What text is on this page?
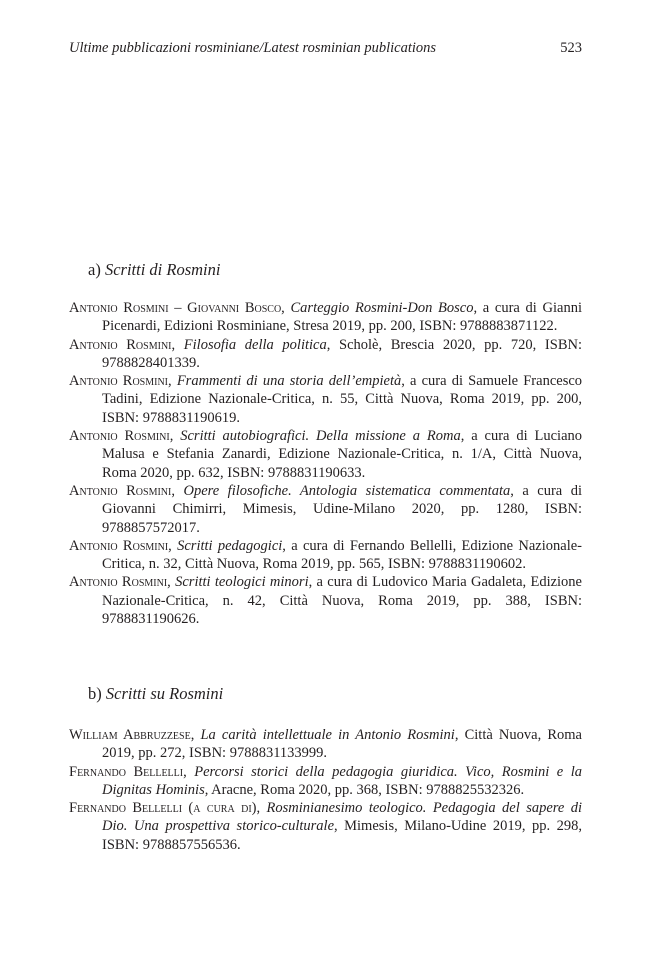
Ultime pubblicazioni rosminiane/Latest rosminian publications	523
a) Scritti di Rosmini
Antonio Rosmini – Giovanni Bosco, Carteggio Rosmini-Don Bosco, a cura di Gianni Picenardi, Edizioni Rosminiane, Stresa 2019, pp. 200, ISBN: 9788883871122.
Antonio Rosmini, Filosofia della politica, Scholè, Brescia 2020, pp. 720, ISBN: 9788828401339.
Antonio Rosmini, Frammenti di una storia dell’empietà, a cura di Samuele Francesco Tadini, Edizione Nazionale-Critica, n. 55, Città Nuova, Roma 2019, pp. 200, ISBN: 9788831190619.
Antonio Rosmini, Scritti autobiografici. Della missione a Roma, a cura di Luciano Malusa e Stefania Zanardi, Edizione Nazionale-Critica, n. 1/A, Città Nuova, Roma 2020, pp. 632, ISBN: 9788831190633.
Antonio Rosmini, Opere filosofiche. Antologia sistematica commentata, a cura di Giovanni Chimirri, Mimesis, Udine-Milano 2020, pp. 1280, ISBN: 9788857572017.
Antonio Rosmini, Scritti pedagogici, a cura di Fernando Bellelli, Edizione Nazionale-Critica, n. 32, Città Nuova, Roma 2019, pp. 565, ISBN: 9788831190602.
Antonio Rosmini, Scritti teologici minori, a cura di Ludovico Maria Gadaleta, Edizione Nazionale-Critica, n. 42, Città Nuova, Roma 2019, pp. 388, ISBN: 9788831190626.
b) Scritti su Rosmini
William Abbruzzese, La carità intellettuale in Antonio Rosmini, Città Nuova, Roma 2019, pp. 272, ISBN: 9788831133999.
Fernando Bellelli, Percorsi storici della pedagogia giuridica. Vico, Rosmini e la Dignitas Hominis, Aracne, Roma 2020, pp. 368, ISBN: 9788825532326.
Fernando Bellelli (a cura di), Rosminianesimo teologico. Pedagogia del sapere di Dio. Una prospettiva storico-culturale, Mimesis, Milano-Udine 2019, pp. 298, ISBN: 9788857556536.
